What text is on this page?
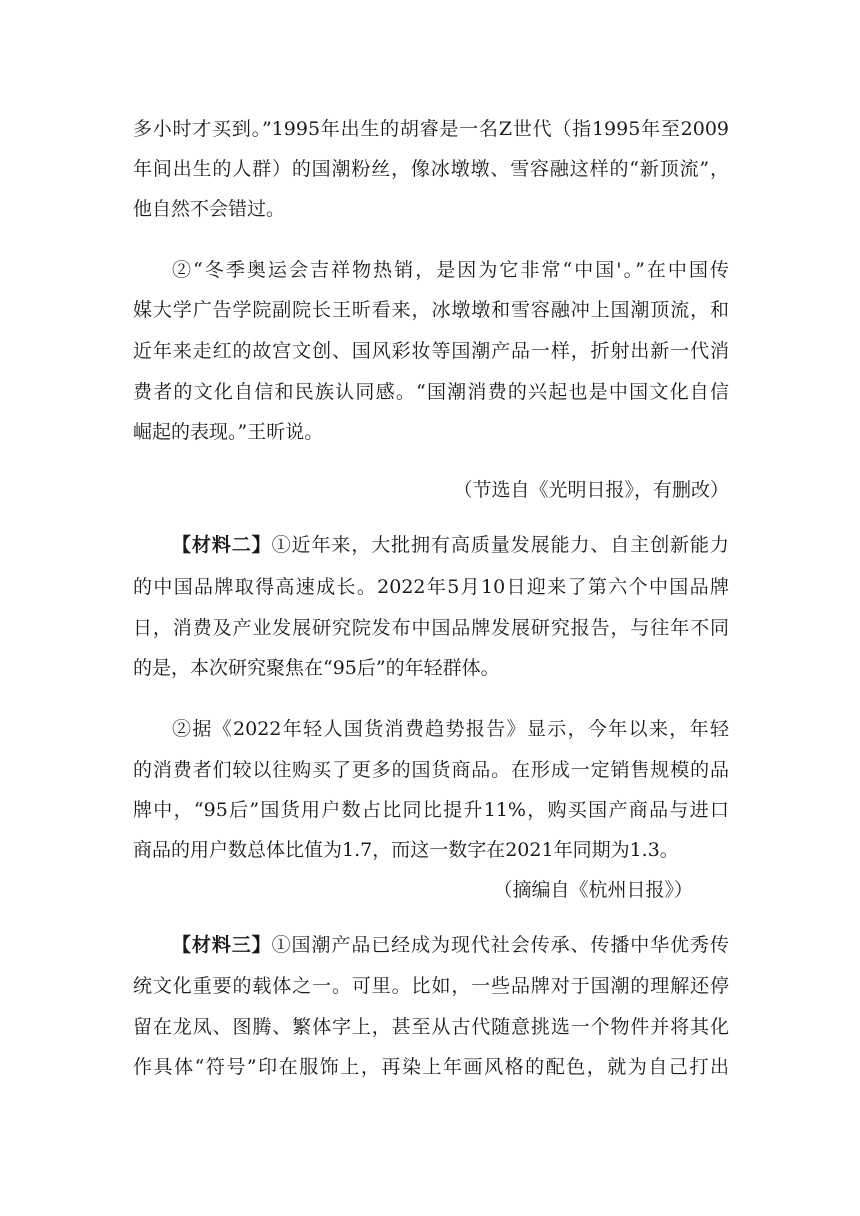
多小时才买到。”1995年出生的胡睿是一名Z世代（指1995年至2009
年间出生的人群）的国潮粉丝，像冰墩墩、雪容融这样的“新顶流”，
他自然不会错过。
②“冬季奥运会吉祥物热销，是因为它非常“中国'。”在中国传
媒大学广告学院副院长王昕看来，冰墩墩和雪容融冲上国潮顶流，和
近年来走红的故宫文创、国风彩妆等国潮产品一样，折射出新一代消
费者的文化自信和民族认同感。“国潮消费的兴起也是中国文化自信
崛起的表现。”王昕说。
（节选自《光明日报》，有删改）
【材料二】①近年来，大批拥有高质量发展能力、自主创新能力
的中国品牌取得高速成长。2022年5月10日迎来了第六个中国品牌
日，消费及产业发展研究院发布中国品牌发展研究报告，与往年不同
的是，本次研究聚焦在“95后”的年轻群体。
②据《2022年轻人国货消费趋势报告》显示，今年以来，年轻
的消费者们较以往购买了更多的国货商品。在形成一定销售规模的品
牌中，“95后”国货用户数占比同比提升11%，购买国产商品与进口
商品的用户数总体比值为1.7，而这一数字在2021年同期为1.3。
（摘编自《杭州日报》）
【材料三】①国潮产品已经成为现代社会传承、传播中华优秀传
统文化重要的载体之一。可里。比如，一些品牌对于国潮的理解还停
留在龙凤、图腾、繁体字上，甚至从古代随意挑选一个物件并将其化
作具体“符号”印在服饰上，再染上年画风格的配色，就为自己打出
